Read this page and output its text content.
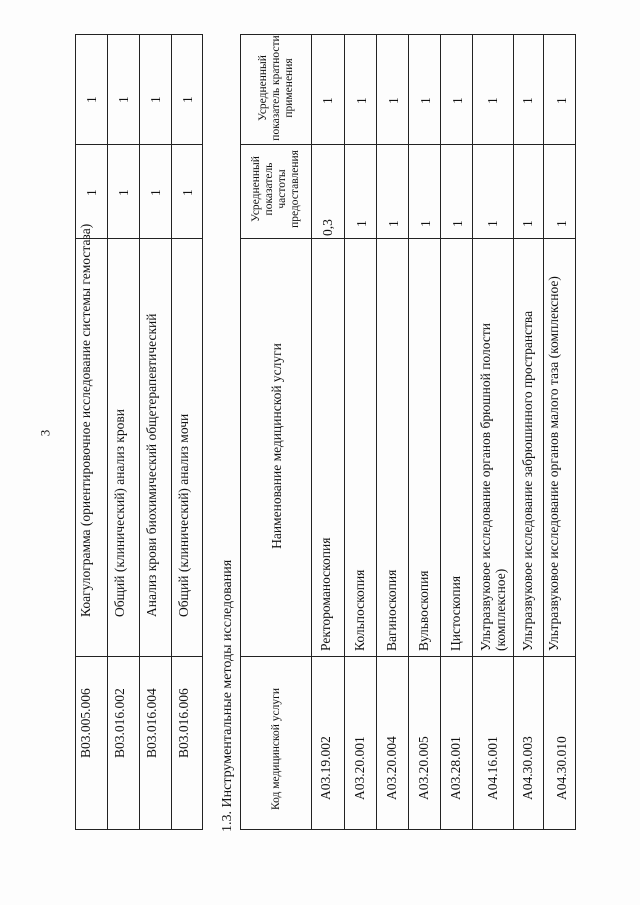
3
B03.005.006
Коагулограмма (ориентировочное исследование системы гемостаза)
1
1
B03.016.002
Общий (клинический) анализ крови
1
1
B03.016.004
Анализ крови биохимический общетерапевтический
1
1
B03.016.006
Общий (клинический) анализ мочи
1
1
1.3. Инструментальные методы исследования	Код медицинской услуги
Наименование медицинской услуги
Усредненный показатель частоты предоставления
Усредненный показатель кратности применения
A03.19.002
Ректороманоскопия
0,3
1
A03.20.001
Кольпоскопия
1
1
A03.20.004
Вагиноскопия
1
1
A03.20.005
Вульвоскопия
1
1
A03.28.001
Цистоскопия
1
1
A04.16.001
Ультразвуковое исследование органов брюшной полости (комплексное)
1
1
A04.30.003
Ультразвуковое исследование забрюшинного пространства
1
1
A04.30.010
Ультразвуковое исследование органов малого таза (комплексное)
1
1
